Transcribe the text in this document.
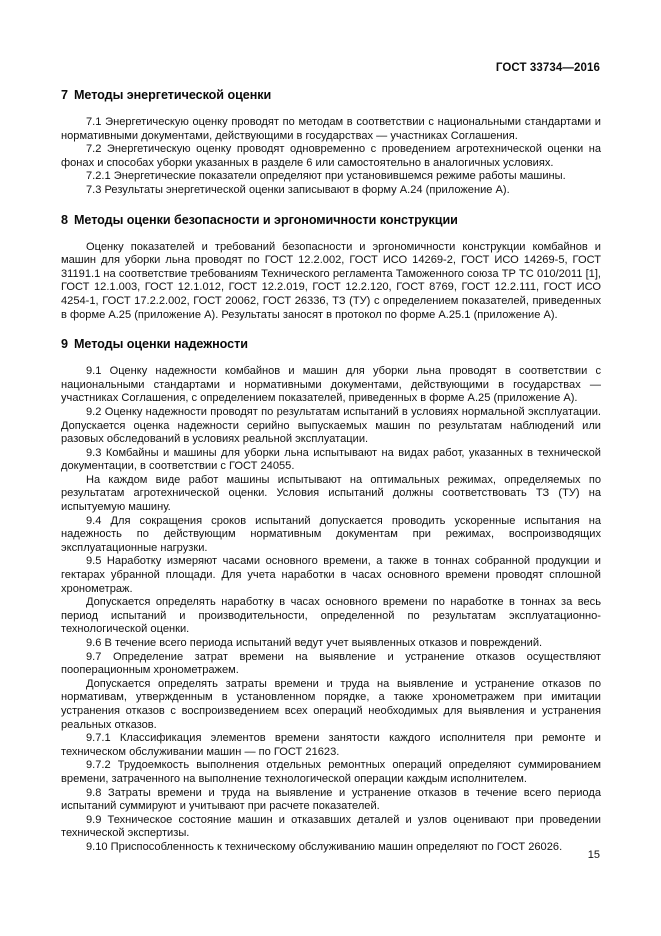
ГОСТ 33734—2016
7 Методы энергетической оценки

7.1 Энергетическую оценку проводят по методам в соответствии с национальными стандартами и нормативными документами, действующими в государствах — участниках Соглашения.

7.2 Энергетическую оценку проводят одновременно с проведением агротехнической оценки на фонах и способах уборки указанных в разделе 6 или самостоятельно в аналогичных условиях.

7.2.1 Энергетические показатели определяют при установившемся режиме работы машины.

7.3 Результаты энергетической оценки записывают в форму А.24 (приложение А).

8 Методы оценки безопасности и эргономичности конструкции

Оценку показателей и требований безопасности и эргономичности конструкции комбайнов и машин для уборки льна проводят по ГОСТ 12.2.002, ГОСТ ИСО 14269-2, ГОСТ ИСО 14269-5, ГОСТ 31191.1 на соответствие требованиям Технического регламента Таможенного союза ТР ТС 010/2011 [1], ГОСТ 12.1.003, ГОСТ 12.1.012, ГОСТ 12.2.019, ГОСТ 12.2.120, ГОСТ 8769, ГОСТ 12.2.111, ГОСТ ИСО 4254-1, ГОСТ 17.2.2.002, ГОСТ 20062, ГОСТ 26336, ТЗ (ТУ) с определением показателей, приведенных в форме А.25 (приложение А). Результаты заносят в протокол по форме А.25.1 (приложение А).

9 Методы оценки надежности

9.1 Оценку надежности комбайнов и машин для уборки льна проводят в соответствии с национальными стандартами и нормативными документами, действующими в государствах — участниках Соглашения, с определением показателей, приведенных в форме А.25 (приложение А).

9.2 Оценку надежности проводят по результатам испытаний в условиях нормальной эксплуатации. Допускается оценка надежности серийно выпускаемых машин по результатам наблюдений или разовых обследований в условиях реальной эксплуатации.

9.3 Комбайны и машины для уборки льна испытывают на видах работ, указанных в технической документации, в соответствии с ГОСТ 24055.

На каждом виде работ машины испытывают на оптимальных режимах, определяемых по результатам агротехнической оценки. Условия испытаний должны соответствовать ТЗ (ТУ) на испытуемую машину.

9.4 Для сокращения сроков испытаний допускается проводить ускоренные испытания на надежность по действующим нормативным документам при режимах, воспроизводящих эксплуатационные нагрузки.

9.5 Наработку измеряют часами основного времени, а также в тоннах собранной продукции и гектарах убранной площади. Для учета наработки в часах основного времени проводят сплошной хронометраж.

Допускается определять наработку в часах основного времени по наработке в тоннах за весь период испытаний и производительности, определенной по результатам эксплуатационно-технологической оценки.

9.6 В течение всего периода испытаний ведут учет выявленных отказов и повреждений.

9.7 Определение затрат времени на выявление и устранение отказов осуществляют пооперационным хронометражем.

Допускается определять затраты времени и труда на выявление и устранение отказов по нормативам, утвержденным в установленном порядке, а также хронометражем при имитации устранения отказов с воспроизведением всех операций необходимых для выявления и устранения реальных отказов.

9.7.1 Классификация элементов времени занятости каждого исполнителя при ремонте и техническом обслуживании машин — по ГОСТ 21623.

9.7.2 Трудоемкость выполнения отдельных ремонтных операций определяют суммированием времени, затраченного на выполнение технологической операции каждым исполнителем.

9.8 Затраты времени и труда на выявление и устранение отказов в течение всего периода испытаний суммируют и учитывают при расчете показателей.

9.9 Техническое состояние машин и отказавших деталей и узлов оценивают при проведении технической экспертизы.

9.10 Приспособленность к техническому обслуживанию машин определяют по ГОСТ 26026.

15
